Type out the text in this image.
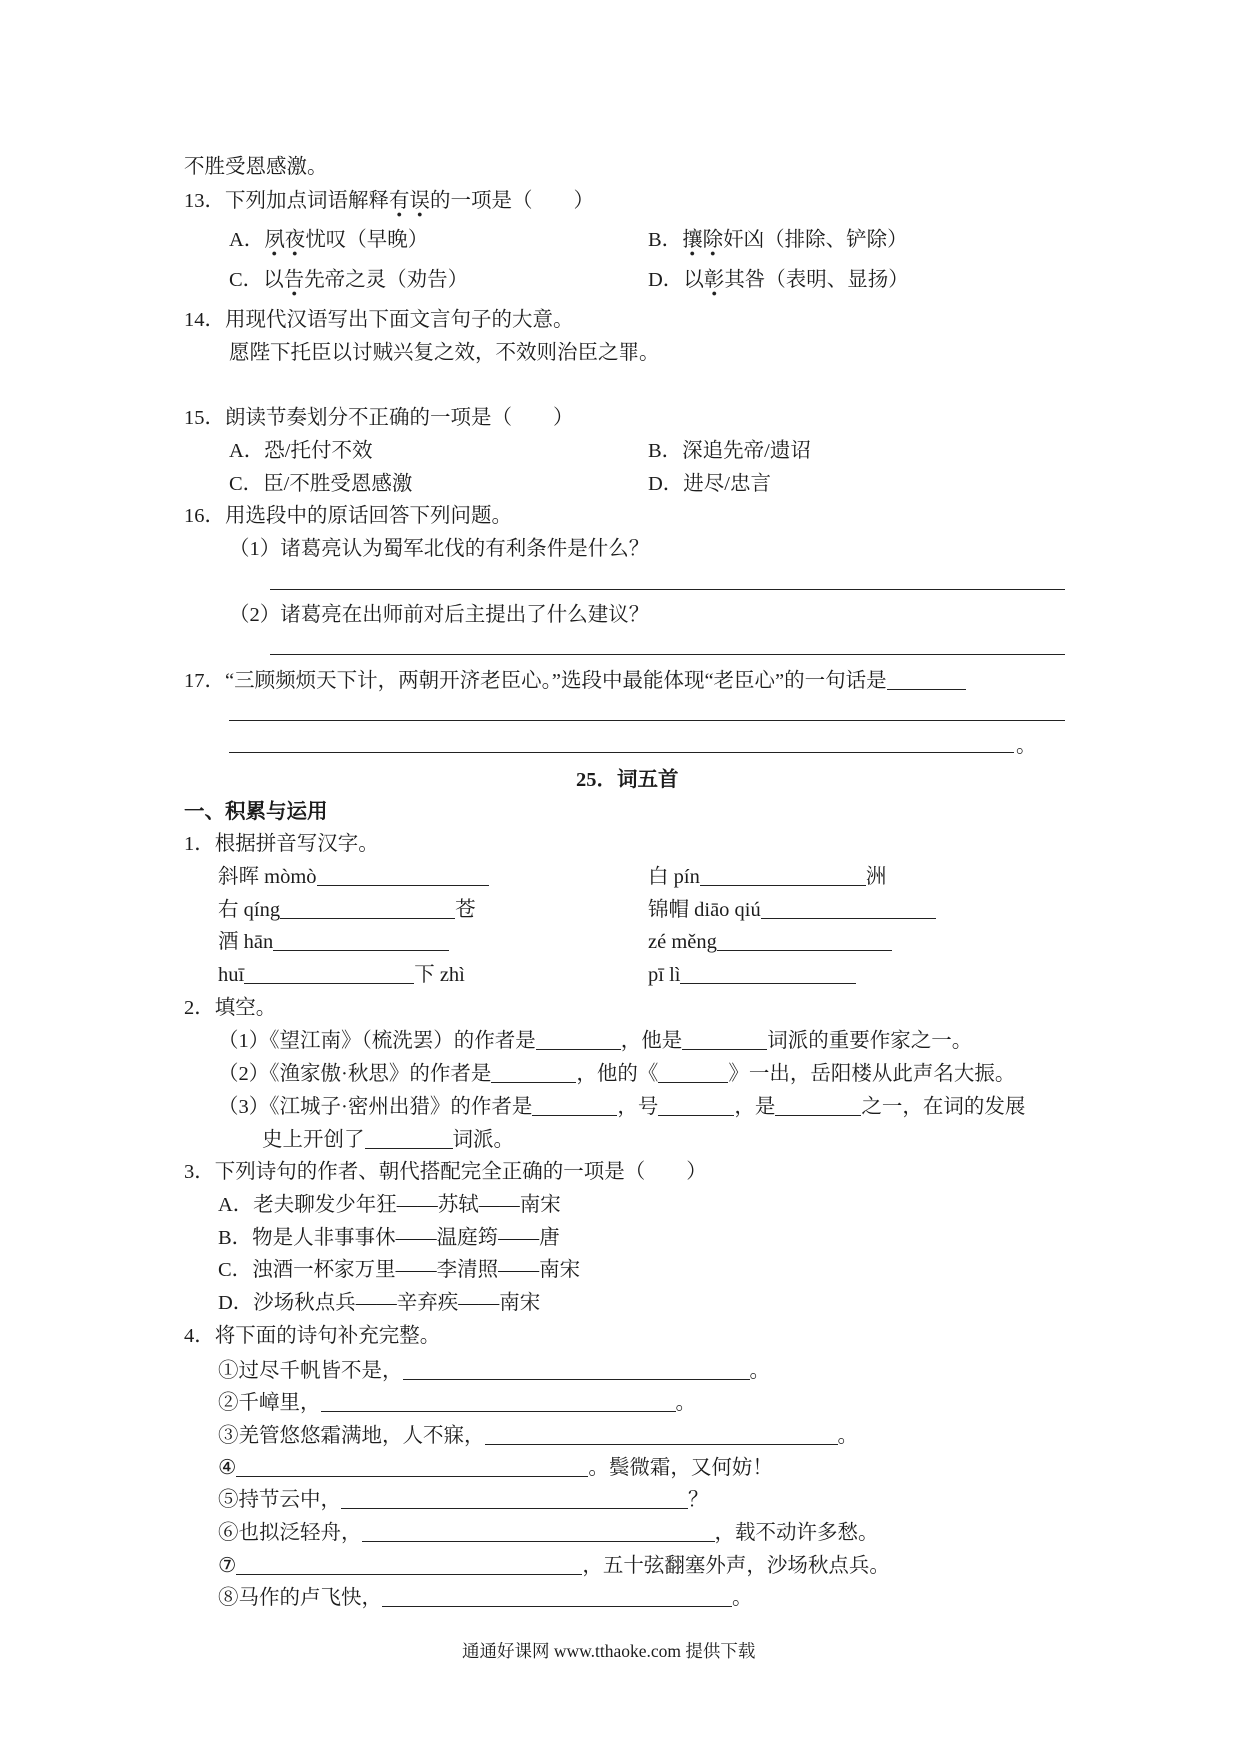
不胜受恩感激。
13．下列加点词语解释有误的一项是（　　）
A．夙夜忧叹（早晚）	B．攘除奸凶（排除、铲除）
C．以告先帝之灵（劝告）	D．以彰其咎（表明、显扬）
14．用现代汉语写出下面文言句子的大意。
愿陛下托臣以讨贼兴复之效，不效则治臣之罪。
15．朗读节奏划分不正确的一项是（　　）
A．恐/托付不效	B．深追先帝/遗诏
C．臣/不胜受恩感激	D．进尽/忠言
16．用选段中的原话回答下列问题。
（1）诸葛亮认为蜀军北伐的有利条件是什么？
（2）诸葛亮在出师前对后主提出了什么建议？
17．“三顾频烦天下计，两朝开济老臣心。”选段中最能体现“老臣心”的一句话是
。
25．词五首
一、积累与运用
1．根据拼音写汉字。
斜晖 mòmò	白 pín	洲
右 qíng	苍	锦帽 diāo qiú
酒 hān	zé měng
huī	下 zhì	pī lì
2．填空。
（1）《望江南》（梳洗罢）的作者是	，他是	词派的重要作家之一。
（2）《渔家傲·秋思》的作者是	，他的《	》一出，岳阳楼从此声名大振。
（3）《江城子·密州出猎》的作者是	，号	，是	之一，在词的发展
史上开创了	词派。
3．下列诗句的作者、朝代搭配完全正确的一项是（　　）
A．老夫聊发少年狂——苏轼——南宋
B．物是人非事事休——温庭筠——唐
C．浊酒一杯家万里——李清照——南宋
D．沙场秋点兵——辛弃疾——南宋
4．将下面的诗句补充完整。
①过尽千帆皆不是，	。
②千嶂里，	。
③羌管悠悠霜满地，人不寐，	。
④	。鬓微霜，又何妨！
⑤持节云中，	？
⑥也拟泛轻舟，	，载不动许多愁。
⑦	，五十弦翻塞外声，沙场秋点兵。
⑧马作的卢飞快，	。
通通好课网 www.tthaoke.com 提供下载
